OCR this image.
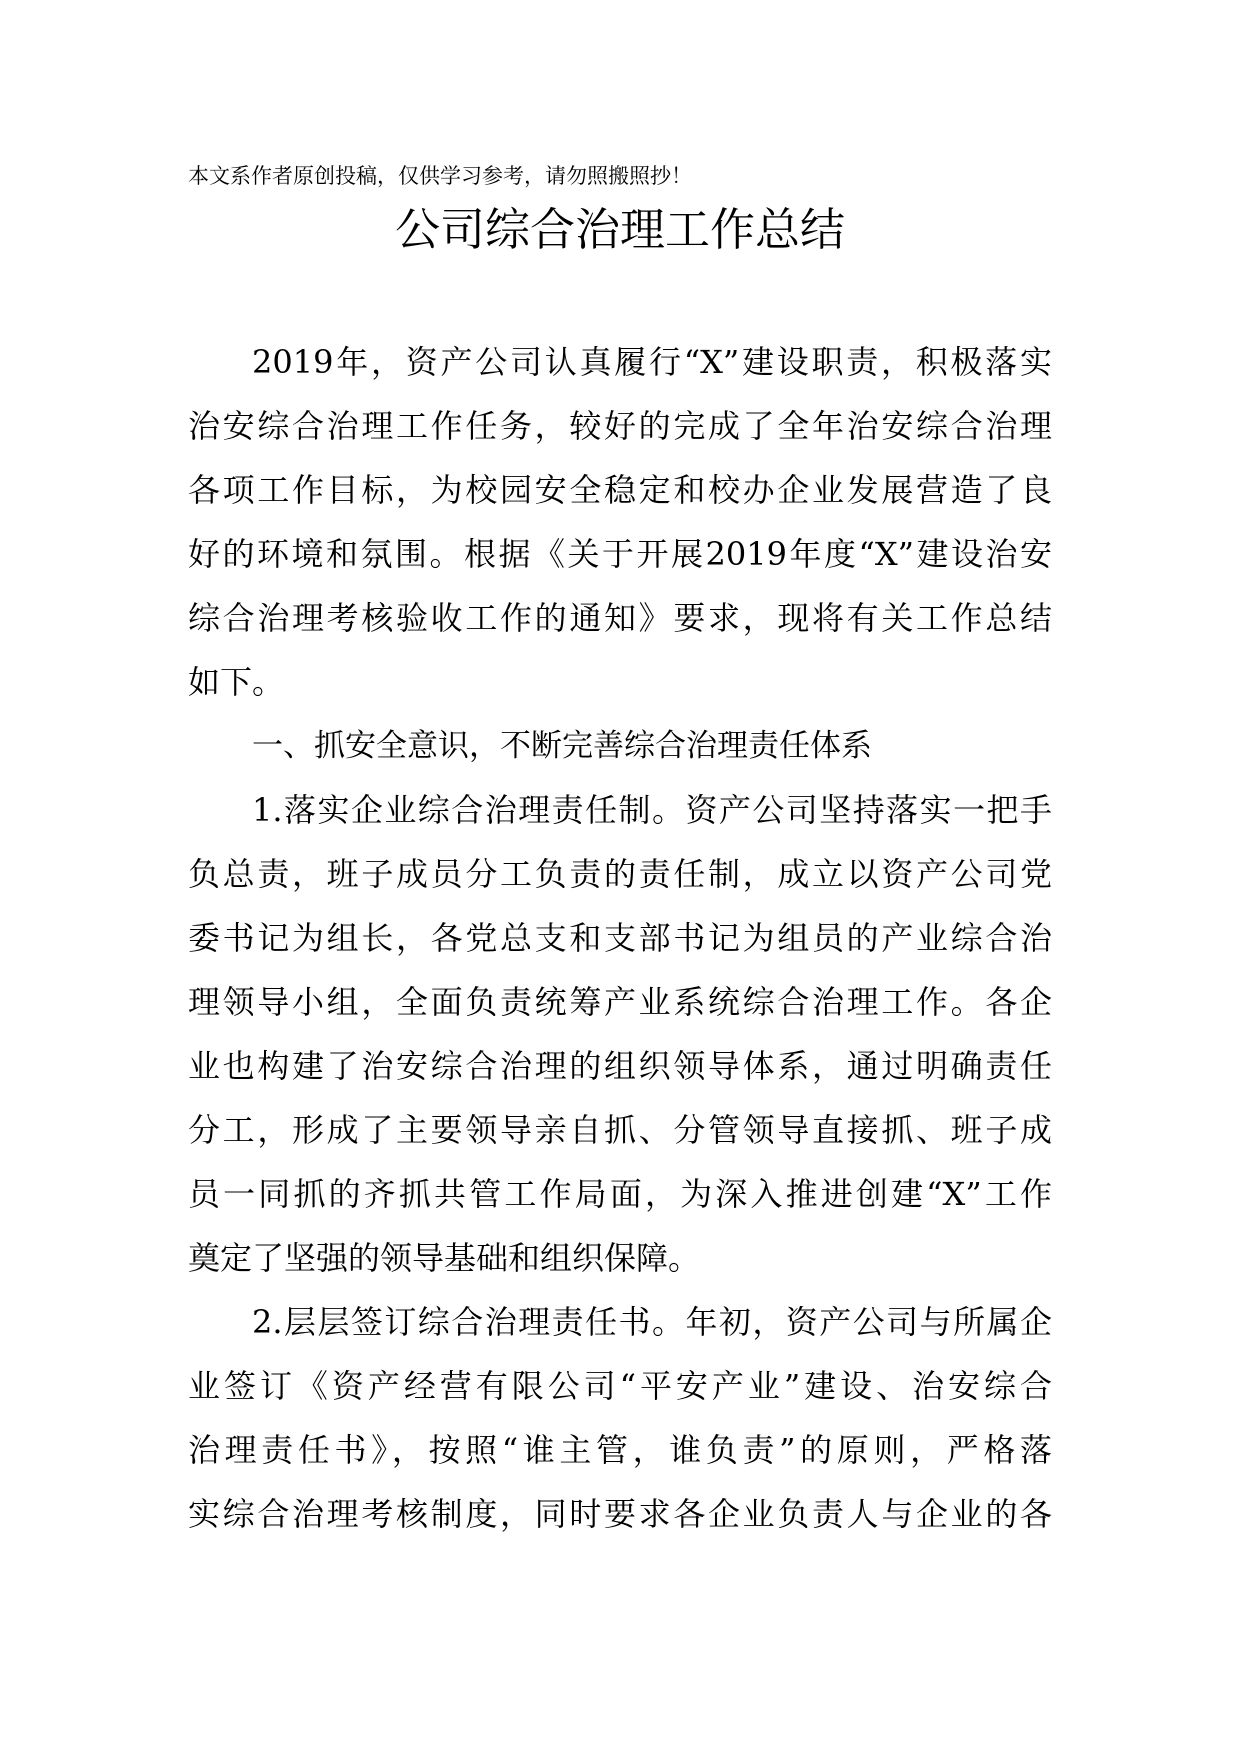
本文系作者原创投稿，仅供学习参考，请勿照搬照抄！
公司综合治理工作总结
2019年，资产公司认真履行“X”建设职责，积极落实
治安综合治理工作任务，较好的完成了全年治安综合治理
各项工作目标，为校园安全稳定和校办企业发展营造了良
好的环境和氛围。根据《关于开展2019年度“X”建设治安
综合治理考核验收工作的通知》要求，现将有关工作总结
如下。
一、抓安全意识，不断完善综合治理责任体系
1.落实企业综合治理责任制。资产公司坚持落实一把手
负总责，班子成员分工负责的责任制，成立以资产公司党
委书记为组长，各党总支和支部书记为组员的产业综合治
理领导小组，全面负责统筹产业系统综合治理工作。各企
业也构建了治安综合治理的组织领导体系，通过明确责任
分工，形成了主要领导亲自抓、分管领导直接抓、班子成
员一同抓的齐抓共管工作局面，为深入推进创建“X”工作
奠定了坚强的领导基础和组织保障。
2.层层签订综合治理责任书。年初，资产公司与所属企
业签订《资产经营有限公司“平安产业”建设、治安综合
治理责任书》，按照“谁主管，谁负责”的原则，严格落
实综合治理考核制度，同时要求各企业负责人与企业的各
